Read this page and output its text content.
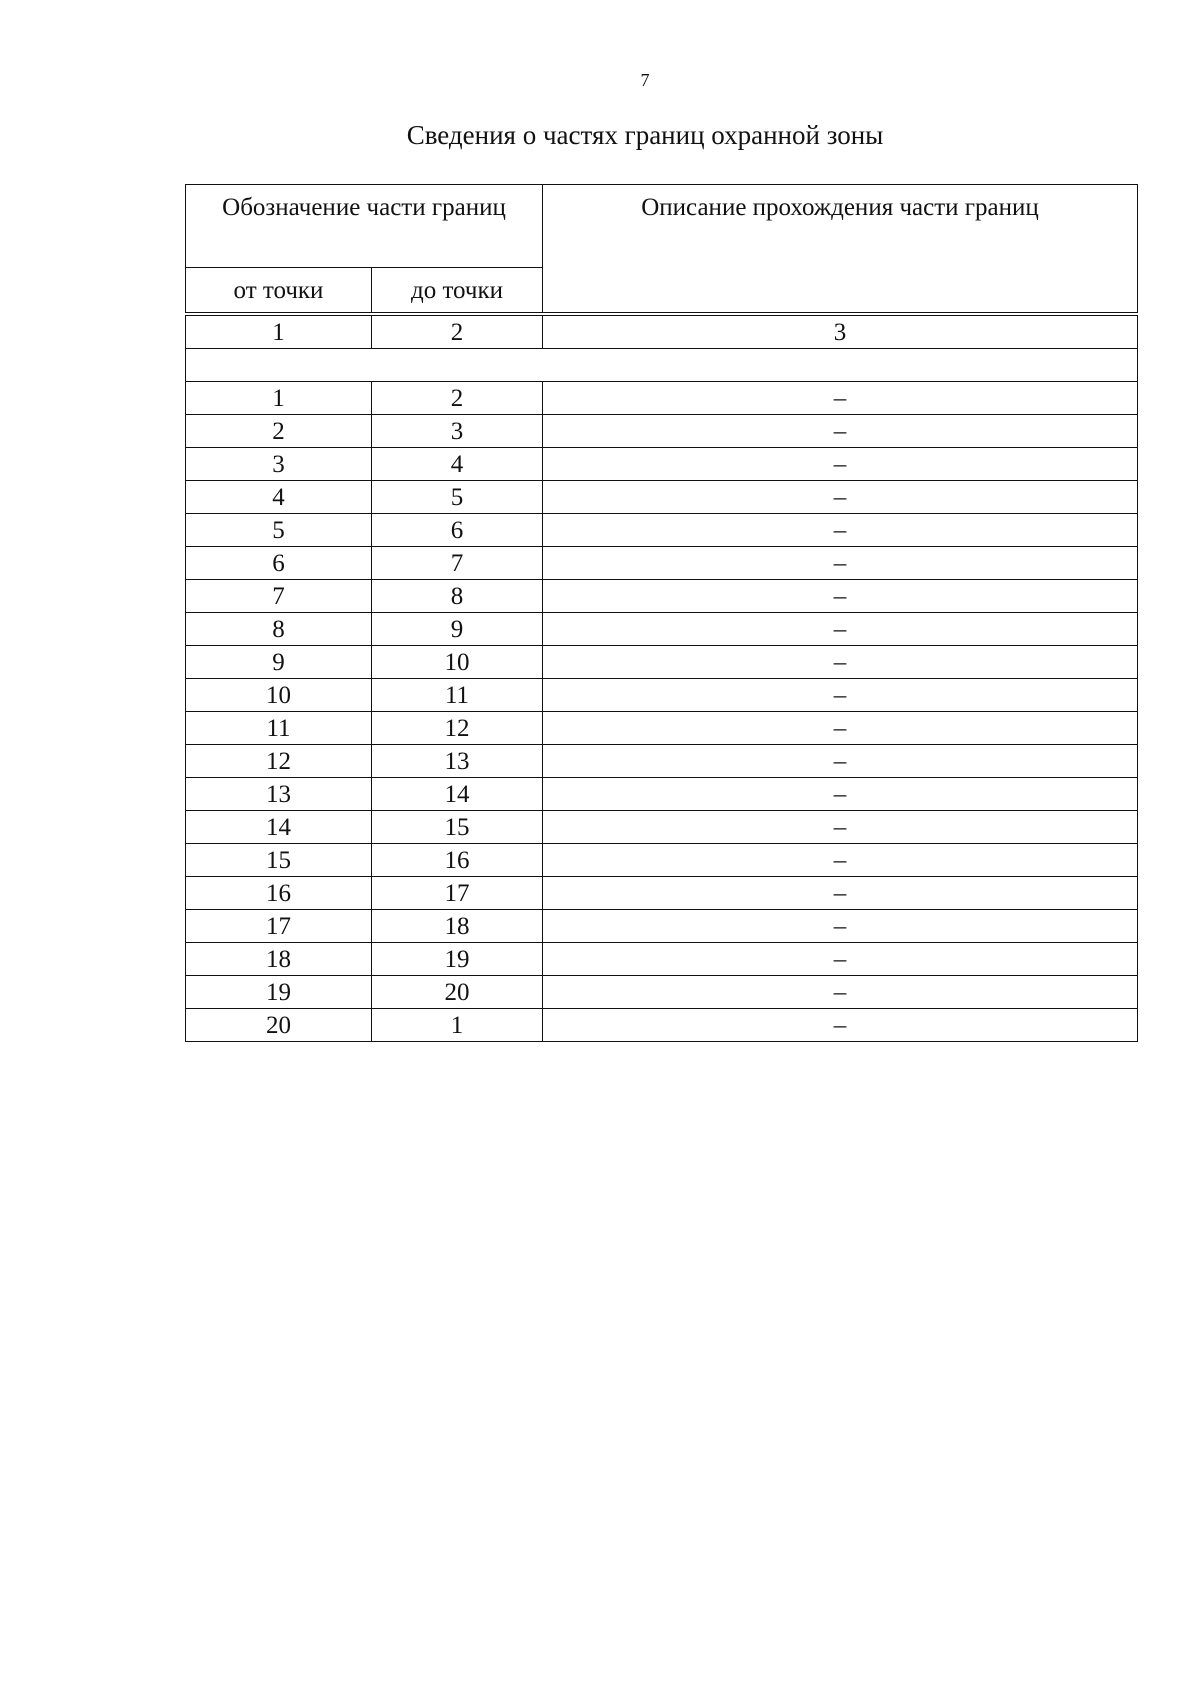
7
Сведения о частях границ охранной зоны
Обозначение части границ		Описание прохождения части границ
от точки	до точки	

1	2	3

1	2	–
2	3	–
3	4	–
4	5	–
5	6	–
6	7	–
7	8	–
8	9	–
9	10	–
10	11	–
11	12	–
12	13	–
13	14	–
14	15	–
15	16	–
16	17	–
17	18	–
18	19	–
19	20	–
20	1	–
